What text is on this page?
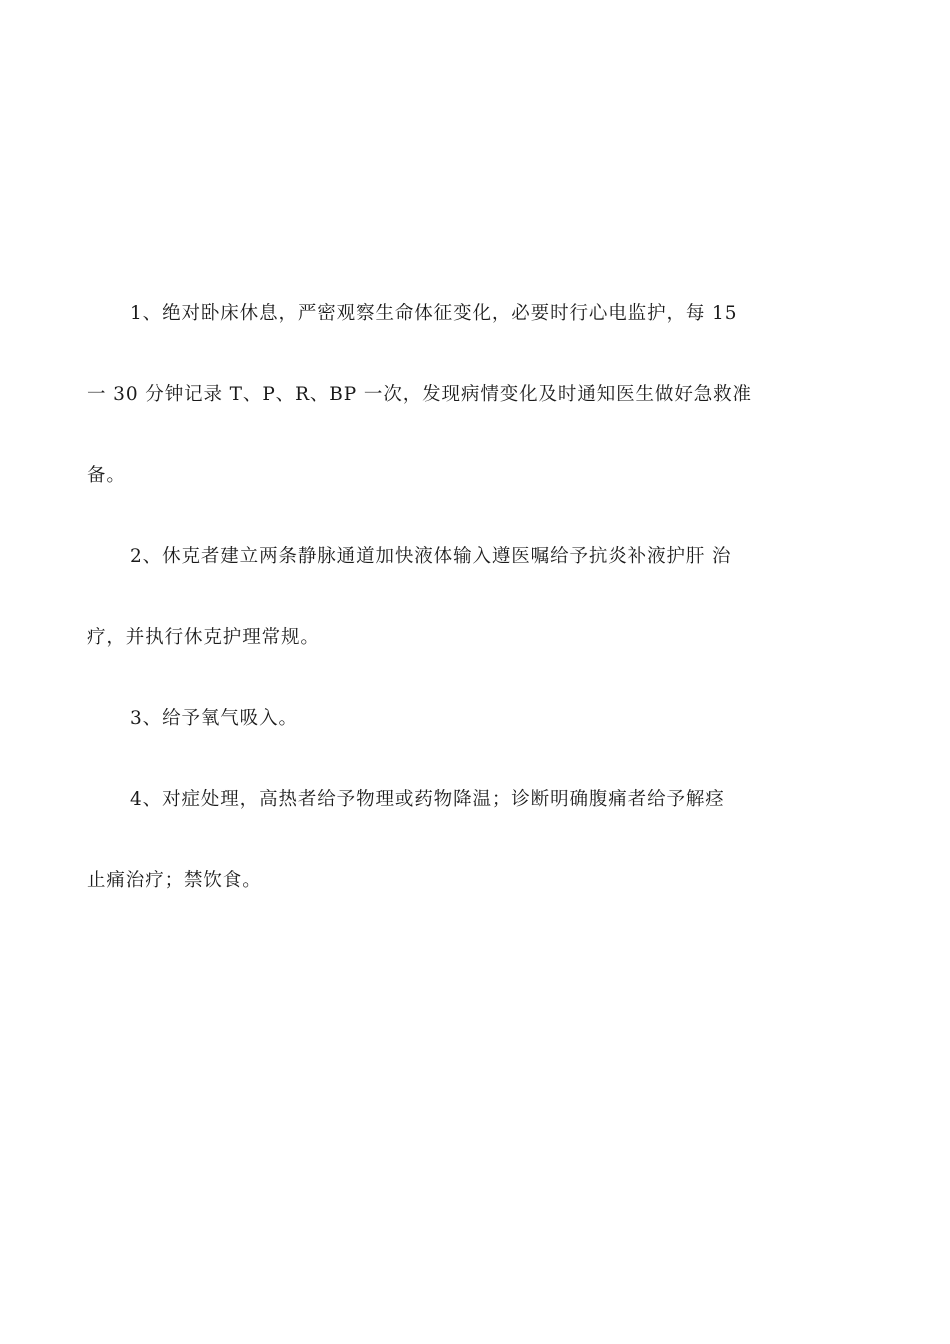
1、绝对卧床休息，严密观察生命体征变化，必要时行心电监护，每 15
一 30 分钟记录 T、P、R、BP 一次，发现病情变化及时通知医生做好急救准
备。
2、休克者建立两条静脉通道加快液体输入遵医嘱给予抗炎补液护肝 治
疗，并执行休克护理常规。
3、给予氧气吸入。
4、对症处理，高热者给予物理或药物降温；诊断明确腹痛者给予解痉
止痛治疗；禁饮食。
